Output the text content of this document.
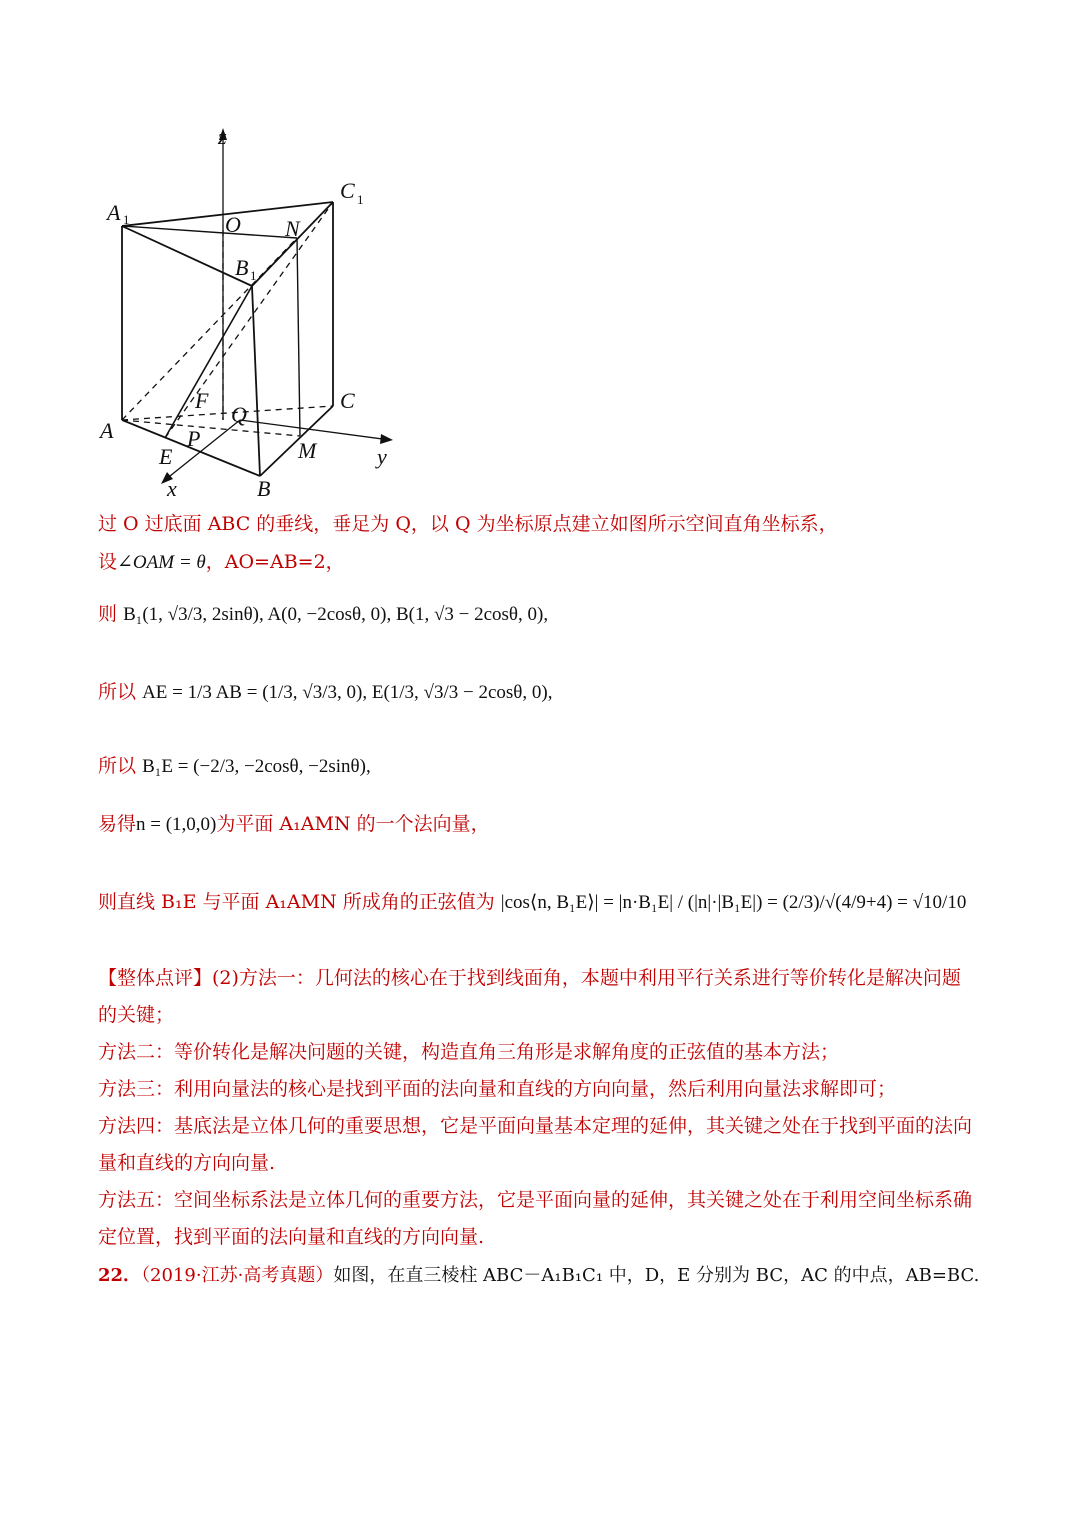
z
A 1
C 1
O N
B 1
F
Q
C
A	P
E	M	y
x	B
过 O 过底面 ABC 的垂线，垂足为 Q，以 Q 为坐标原点建立如图所示空间直角坐标系，
设∠OAM = θ，AO=AB=2，
则 B₁(1, √3/3, 2sinθ), A(0, −2cosθ, 0), B(1, √3 − 2cosθ, 0),
所以 AE = 1/3 AB = (1/3, √3/3, 0), E(1/3, √3/3 − 2cosθ, 0),
所以 B₁E = (−2/3, −2cosθ, −2sinθ),
易得n = (1,0,0)为平面 A₁AMN 的一个法向量，
则直线 B₁E 与平面 A₁AMN 所成角的正弦值为 |cos⟨n, B₁E⟩| = |n·B₁E| / (|n|·|B₁E|) = (2/3)/√(4/9+4) = √10/10
【整体点评】(2)方法一：几何法的核心在于找到线面角，本题中利用平行关系进行等价转化是解决问题的关键；
方法二：等价转化是解决问题的关键，构造直角三角形是求解角度的正弦值的基本方法；
方法三：利用向量法的核心是找到平面的法向量和直线的方向向量，然后利用向量法求解即可；
方法四：基底法是立体几何的重要思想，它是平面向量基本定理的延伸，其关键之处在于找到平面的法向量和直线的方向向量.
方法五：空间坐标系法是立体几何的重要方法，它是平面向量的延伸，其关键之处在于利用空间坐标系确定位置，找到平面的法向量和直线的方向向量.
22．（2019·江苏·高考真题）如图，在直三棱柱 ABC－A₁B₁C₁ 中，D，E 分别为 BC，AC 的中点，AB=BC.
